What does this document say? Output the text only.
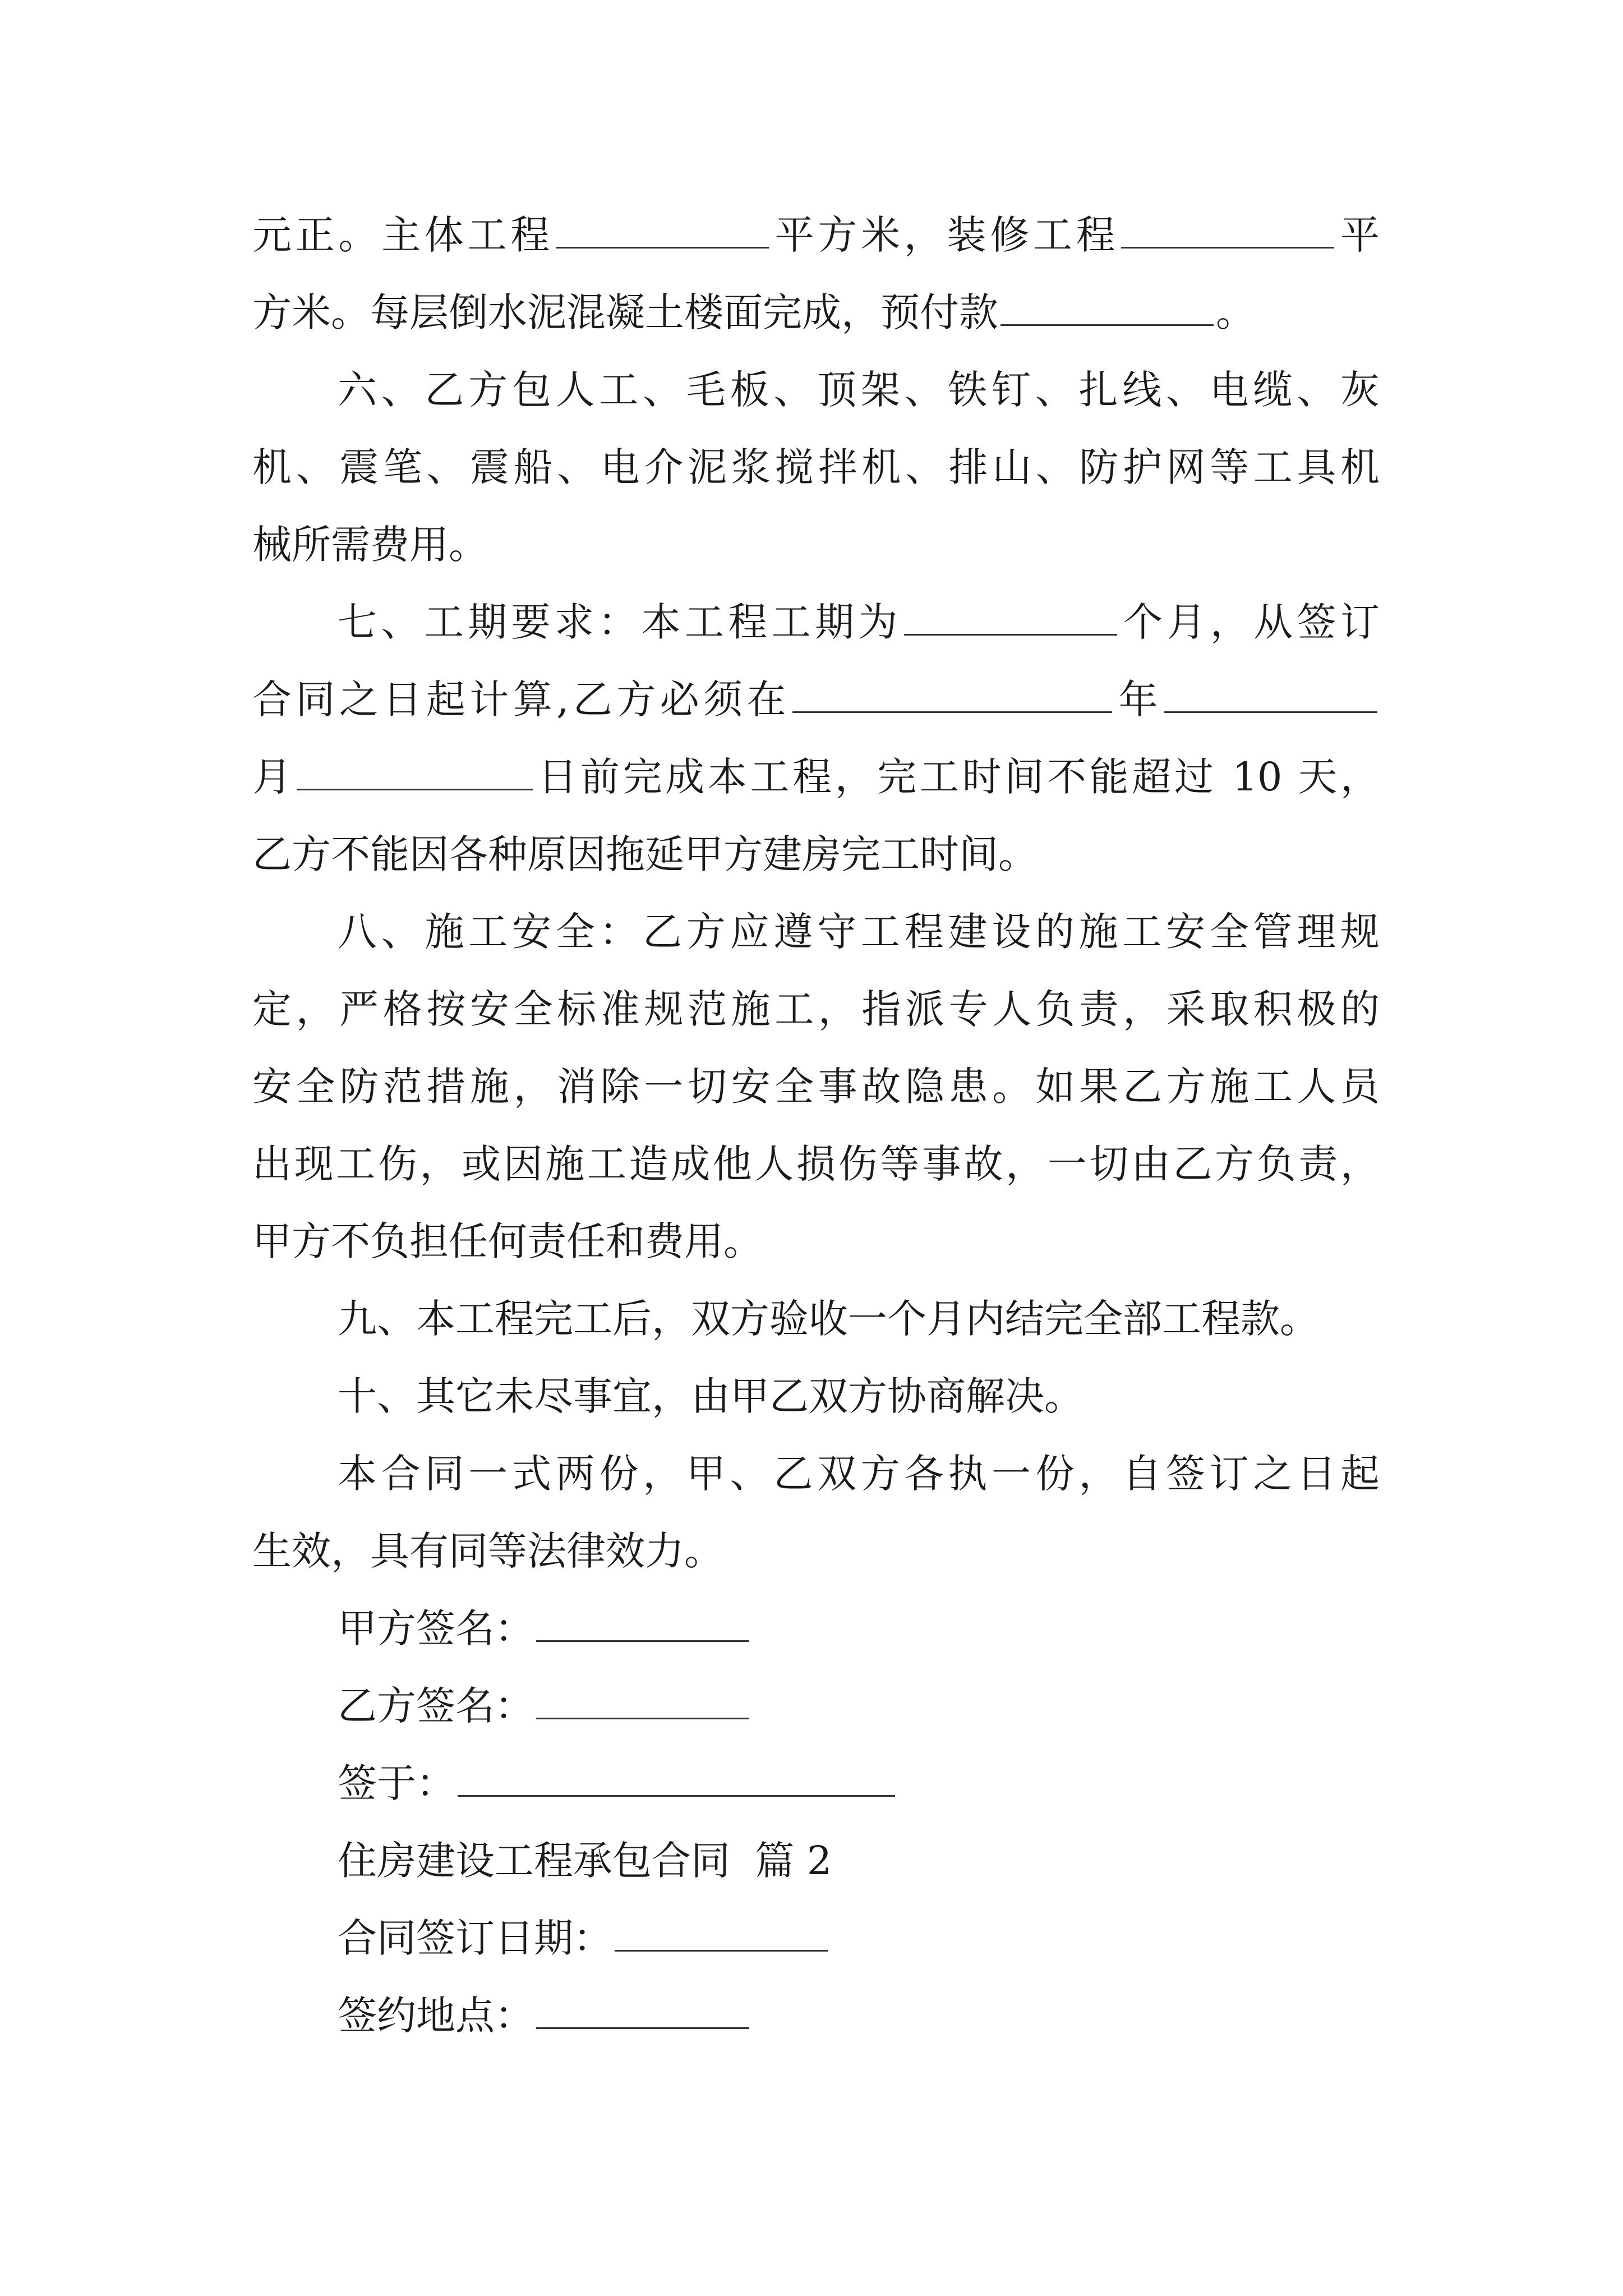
元正。主体工程	平方米，装修工程	平
方米。每层倒水泥混凝土楼面完成，预付款	。
六、乙方包人工、毛板、顶架、铁钉、扎线、电缆、灰
机、震笔、震船、电介泥浆搅拌机、排山、防护网等工具机
械所需费用。
七、工期要求：本工程工期为	个月，从签订
合同之日起计算,乙方必须在	年
月	日前完成本工程，完工时间不能超过 10 天，
乙方不能因各种原因拖延甲方建房完工时间。
八、施工安全：乙方应遵守工程建设的施工安全管理规
定，严格按安全标准规范施工，指派专人负责，采取积极的
安全防范措施，消除一切安全事故隐患。如果乙方施工人员
出现工伤，或因施工造成他人损伤等事故，一切由乙方负责，
甲方不负担任何责任和费用。
九、本工程完工后，双方验收一个月内结完全部工程款。
十、其它未尽事宜，由甲乙双方协商解决。
本合同一式两份，甲、乙双方各执一份，自签订之日起
生效，具有同等法律效力。
甲方签名：
乙方签名：
签于：
住房建设工程承包合同  篇 2
合同签订日期：
签约地点：
